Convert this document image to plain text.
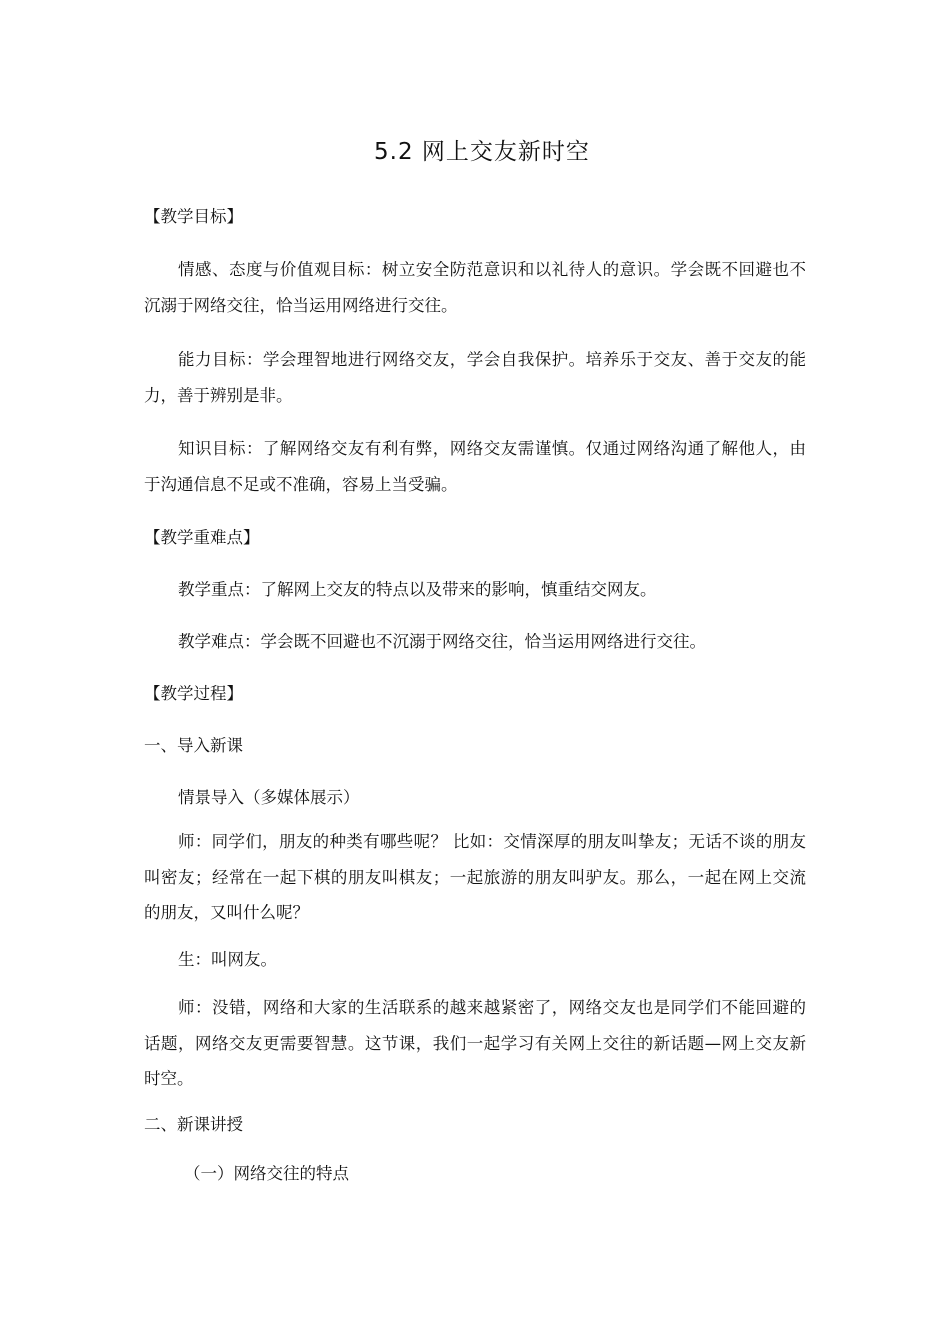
5.2 网上交友新时空
【教学目标】
情感、态度与价值观目标：树立安全防范意识和以礼待人的意识。学会既不回避也不
沉溺于网络交往，恰当运用网络进行交往。
能力目标：学会理智地进行网络交友，学会自我保护。培养乐于交友、善于交友的能
力，善于辨别是非。
知识目标：了解网络交友有利有弊，网络交友需谨慎。仅通过网络沟通了解他人，由
于沟通信息不足或不准确，容易上当受骗。
【教学重难点】
教学重点：了解网上交友的特点以及带来的影响，慎重结交网友。
教学难点：学会既不回避也不沉溺于网络交往，恰当运用网络进行交往。
【教学过程】
一、导入新课
情景导入（多媒体展示）
师：同学们，朋友的种类有哪些呢？ 比如：交情深厚的朋友叫挚友；无话不谈的朋友
叫密友；经常在一起下棋的朋友叫棋友；一起旅游的朋友叫驴友。那么，一起在网上交流
的朋友，又叫什么呢？
生：叫网友。
师：没错，网络和大家的生活联系的越来越紧密了，网络交友也是同学们不能回避的
话题，网络交友更需要智慧。这节课，我们一起学习有关网上交往的新话题—网上交友新
时空。
二、新课讲授
（一）网络交往的特点
